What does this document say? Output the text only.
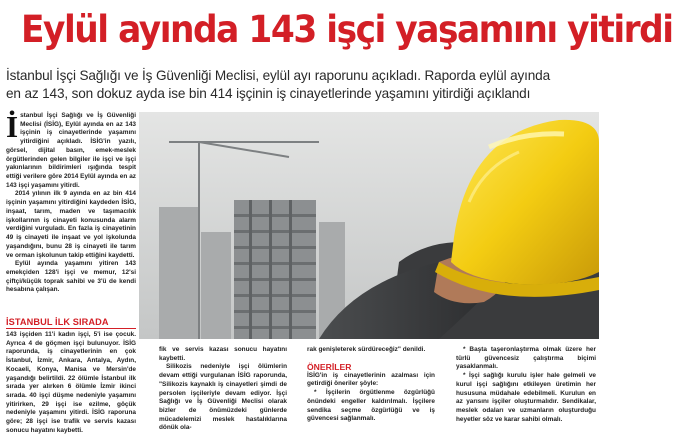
Eylül ayında 143 işçi yaşamını yitirdi
İstanbul İşçi Sağlığı ve İş Güvenliği Meclisi, eylül ayı raporunu açıkladı. Raporda eylül ayında
en az 143, son dokuz ayda ise bin 414 işçinin iş cinayetlerinde yaşamını yitirdiği açıklandı
İ stanbul İşçi Sağlığı ve İş Güvenliği Meclisi (İSİG), Eylül ayında en az 143 işçinin iş cinayetlerinde yaşamını yitirdiğini açıkladı. İSİG'in yazılı, görsel, dijital basın, emek-meslek örgütlerinden gelen bilgiler ile işçi ve işçi yakınlarının bildirimleri ışığında tespit ettiği verilere göre 2014 Eylül ayında en az 143 işçi yaşamını yitirdi.

2014 yılının ilk 9 ayında en az bin 414 işçinin yaşamını yitirdiğini kaydeden İSİG, inşaat, tarım, maden ve taşımacılık işkollarının iş cinayeti konusunda alarm verdiğini vurguladı. En fazla iş cinayetinin 49 iş cinayeti ile inşaat ve yol işkolunda yaşandığını, bunu 28 iş cinayeti ile tarım ve orman işkolunun takip ettiğini kaydetti.

Eylül ayında yaşamını yitiren 143 emekçiden 128'i işçi ve memur, 12'si çiftçi/küçük toprak sahibi ve 3'ü de kendi hesabına çalışan.

İSTANBUL İLK SIRADA

143 işçiden 11'i kadın işçi, 5'i ise çocuk. Ayrıca 4 de göçmen işçi bulunuyor. İSİG raporunda, iş cinayetlerinin en çok İstanbul, İzmir, Ankara, Antalya, Aydın, Kocaeli, Konya, Manisa ve Mersin'de yaşandığı belirtildi. 22 ölümle İstanbul ilk sırada yer alırken 6 ölümle İzmir ikinci sırada. 40 işçi düşme nedeniyle yaşamını yitirirken, 29 işçi ise ezilme, göçük nedeniyle yaşamını yitirdi. İSİG raporuna göre; 28 işçi ise trafik ve servis kazası sonucu hayatını kaybetti.

fik ve servis kazası sonucu hayatını kaybetti.

Silikozis nedeniyle işçi ölümlerin devam ettiği vurgulanan İSİG raporunda, "Silikozis kaynaklı iş cinayetleri şimdi de persolen işçileriyle devam ediyor. İşçi Sağlığı ve İş Güvenliği Meclisi olarak bizler de önümüzdeki günlerde mücadelemizi meslek hastalıklarına dönük ola-

rak genişleterek sürdüreceğiz" denildi.

ÖNERİLER

İSİG'in iş cinayetlerinin azalması için getirdiği öneriler şöyle:

* İşçilerin örgütlenme özgürlüğü önündeki engeller kaldırılmalı. İşçilere sendika seçme özgürlüğü ve iş güvencesi sağlanmalı.

* Başta taşeronlaştırma olmak üzere her türlü güvencesiz çalıştırma biçimi yasaklanmalı.

* İşçi sağlığı kurulu işler hale gelmeli ve kurul işçi sağlığını etkileyen üretimin her hususuna müdahale edebilmeli. Kurulun en az yarısını işçiler oluşturmalıdır. Sendikalar, meslek odaları ve uzmanların oluşturduğu heyetler söz ve karar sahibi olmalı.
